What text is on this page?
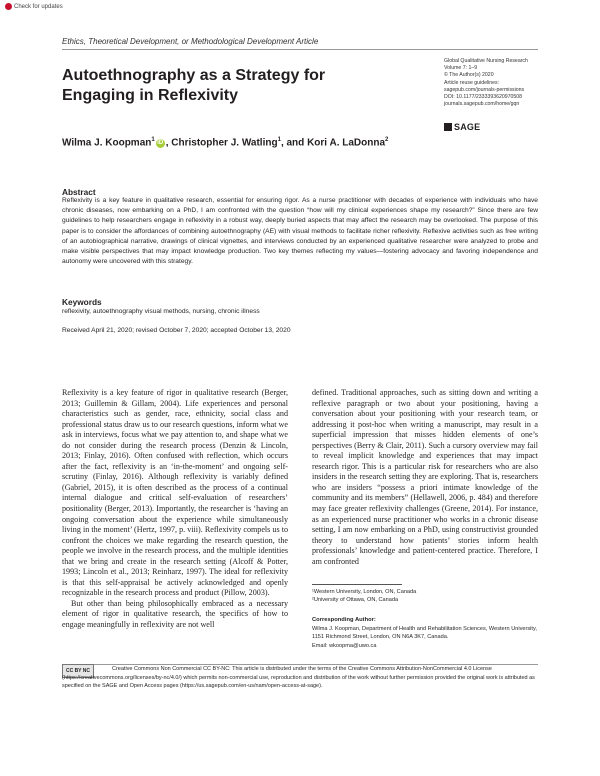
Check for updates
Ethics, Theoretical Development, or Methodological Development Article
Autoethnography as a Strategy for Engaging in Reflexivity
Global Qualitative Nursing Research
Volume 7: 1–9
© The Author(s) 2020
Article reuse guidelines:
sagepub.com/journals-permissions
DOI: 10.1177/2333393620970508
journals.sagepub.com/home/gqn
SAGE
Wilma J. Koopman$^1$iD , Christopher J. Watling$^1$, and Kori A. LaDonna$^2$
Abstract
Reflexivity is a key feature in qualitative research, essential for ensuring rigor. As a nurse practitioner with decades of experience with individuals who have chronic diseases, now embarking on a PhD, I am confronted with the question “how will my clinical experiences shape my research?” Since there are few guidelines to help researchers engage in reflexivity in a robust way, deeply buried aspects that may affect the research may be overlooked. The purpose of this paper is to consider the affordances of combining autoethnography (AE) with visual methods to facilitate richer reflexivity. Reflexive activities such as free writing of an autobiographical narrative, drawings of clinical vignettes, and interviews conducted by an experienced qualitative researcher were analyzed to probe and make visible perspectives that may impact knowledge production. Two key themes reflecting my values—fostering advocacy and favoring independence and autonomy were uncovered with this strategy.
Keywords
reflexivity, autoethnography visual methods, nursing, chronic illness
Received April 21, 2020; revised October 7, 2020; accepted October 13, 2020

Reflexivity is a key feature of rigor in qualitative research (Berger, 2013; Guillemin & Gillam, 2004). Life experiences and personal characteristics such as gender, race, ethnicity, social class and professional status draw us to our research questions, inform what we ask in interviews, focus what we pay attention to, and shape what we do not consider during the research process (Denzin & Lincoln, 2013; Finlay, 2016). Often confused with reflection, which occurs after the fact, reflexivity is an ‘in-the-moment’ and ongoing self-scrutiny (Finlay, 2016). Although reflexivity is variably defined (Gabriel, 2015), it is often described as the process of a continual internal dialogue and critical self-evaluation of researchers’ positionality (Berger, 2013). Importantly, the researcher is ‘having an ongoing conversation about the experience while simultaneously living in the moment’ (Hertz, 1997, p. viii). Reflexivity compels us to confront the choices we make regarding the research question, the people we involve in the research process, and the multiple identities that we bring and create in the research setting (Alcoff & Potter, 1993; Lincoln et al., 2013; Reinharz, 1997). The ideal for reflexivity is that this self-appraisal be actively acknowledged and openly recognizable in the research process and product (Pillow, 2003).

But other than being philosophically embraced as a necessary element of rigor in qualitative research, the specifics of how to engage meaningfully in reflexivity are not well

defined. Traditional approaches, such as sitting down and writing a reflexive paragraph or two about your positioning, having a conversation about your positioning with your research team, or addressing it post-hoc when writing a manuscript, may result in a superficial impression that misses hidden elements of one’s perspectives (Berry & Clair, 2011). Such a cursory overview may fail to reveal implicit knowledge and experiences that may impact research rigor. This is a particular risk for researchers who are also insiders in the research setting they are exploring. That is, researchers who are insiders “possess a priori intimate knowledge of the community and its members” (Hellawell, 2006, p. 484) and therefore may face greater reflexivity challenges (Greene, 2014). For instance, as an experienced nurse practitioner who works in a chronic disease setting, I am now embarking on a PhD, using constructivist grounded theory to understand how patients’ stories inform health professionals’ knowledge and patient-centered practice. Therefore, I am confronted

¹Western University, London, ON, Canada
²University of Ottawa, ON, Canada
Corresponding Author:
Wilma J. Koopman, Department of Health and Rehabilitation Sciences, Western University, 1151 Richmond Street, London, ON N6A 3K7, Canada.
Email: wkoopma@uwo.ca
CC BY NC	Creative Commons Non Commercial CC BY-NC: This article is distributed under the terms of the Creative Commons Attribution-NonCommercial 4.0 License (https://creativecommons.org/licenses/by-nc/4.0/) which permits non-commercial use, reproduction and distribution of the work without further permission provided the original work is attributed as specified on the SAGE and Open Access pages (https://us.sagepub.com/en-us/nam/open-access-at-sage).
